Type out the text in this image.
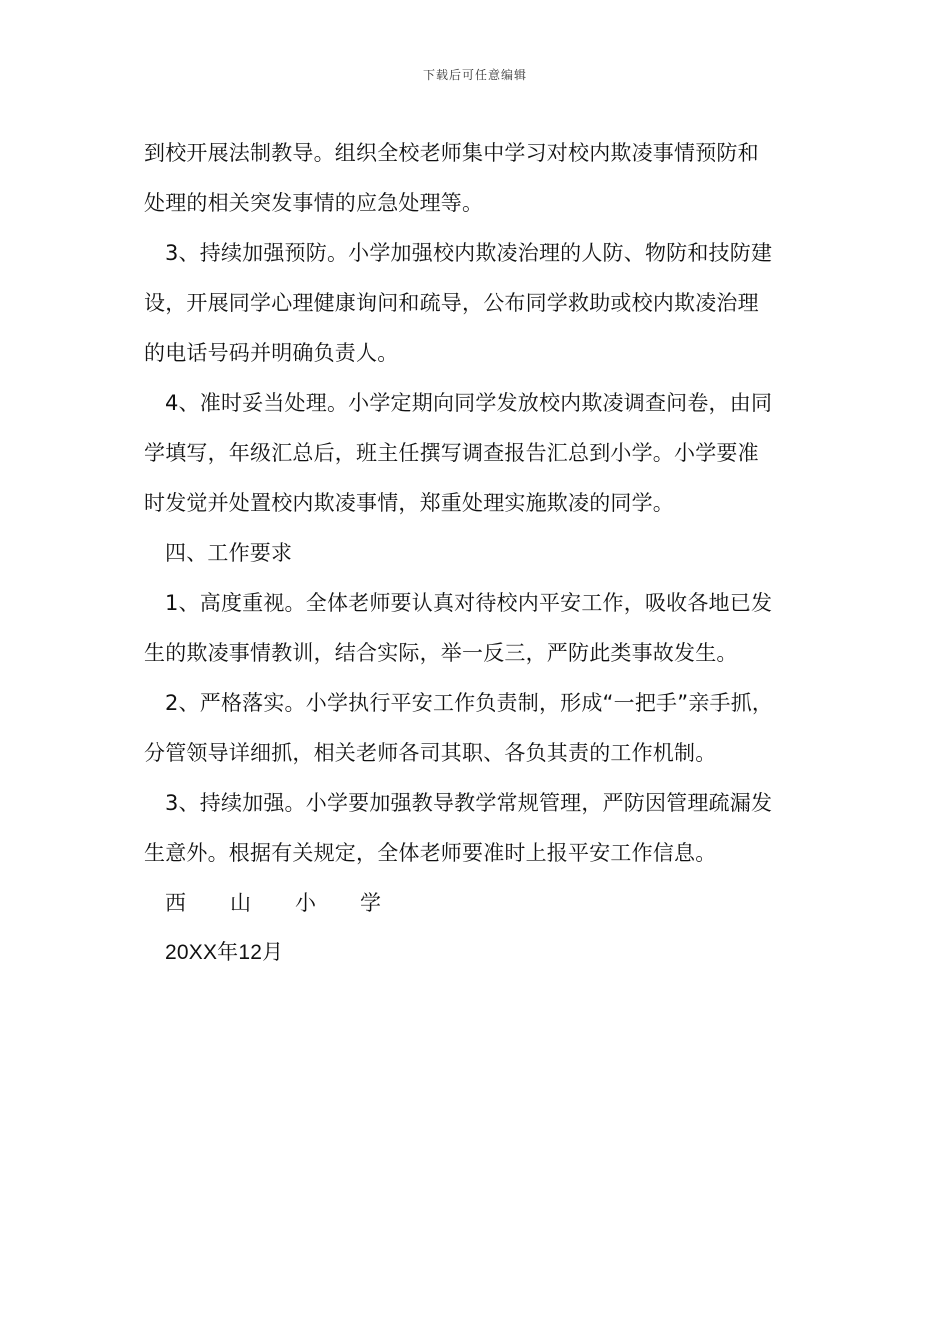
下载后可任意编辑
到校开展法制教导。组织全校老师集中学习对校内欺凌事情预防和
处理的相关突发事情的应急处理等。
3、持续加强预防。小学加强校内欺凌治理的人防、物防和技防建
设，开展同学心理健康询问和疏导，公布同学救助或校内欺凌治理
的电话号码并明确负责人。
4、准时妥当处理。小学定期向同学发放校内欺凌调查问卷，由同
学填写，年级汇总后，班主任撰写调查报告汇总到小学。小学要准
时发觉并处置校内欺凌事情，郑重处理实施欺凌的同学。
四、工作要求
1、高度重视。全体老师要认真对待校内平安工作，吸收各地已发
生的欺凌事情教训，结合实际，举一反三，严防此类事故发生。
2、严格落实。小学执行平安工作负责制，形成“一把手”亲手抓，
分管领导详细抓，相关老师各司其职、各负其责的工作机制。
3、持续加强。小学要加强教导教学常规管理，严防因管理疏漏发
生意外。根据有关规定，全体老师要准时上报平安工作信息。
西山小学
20XX年12月
